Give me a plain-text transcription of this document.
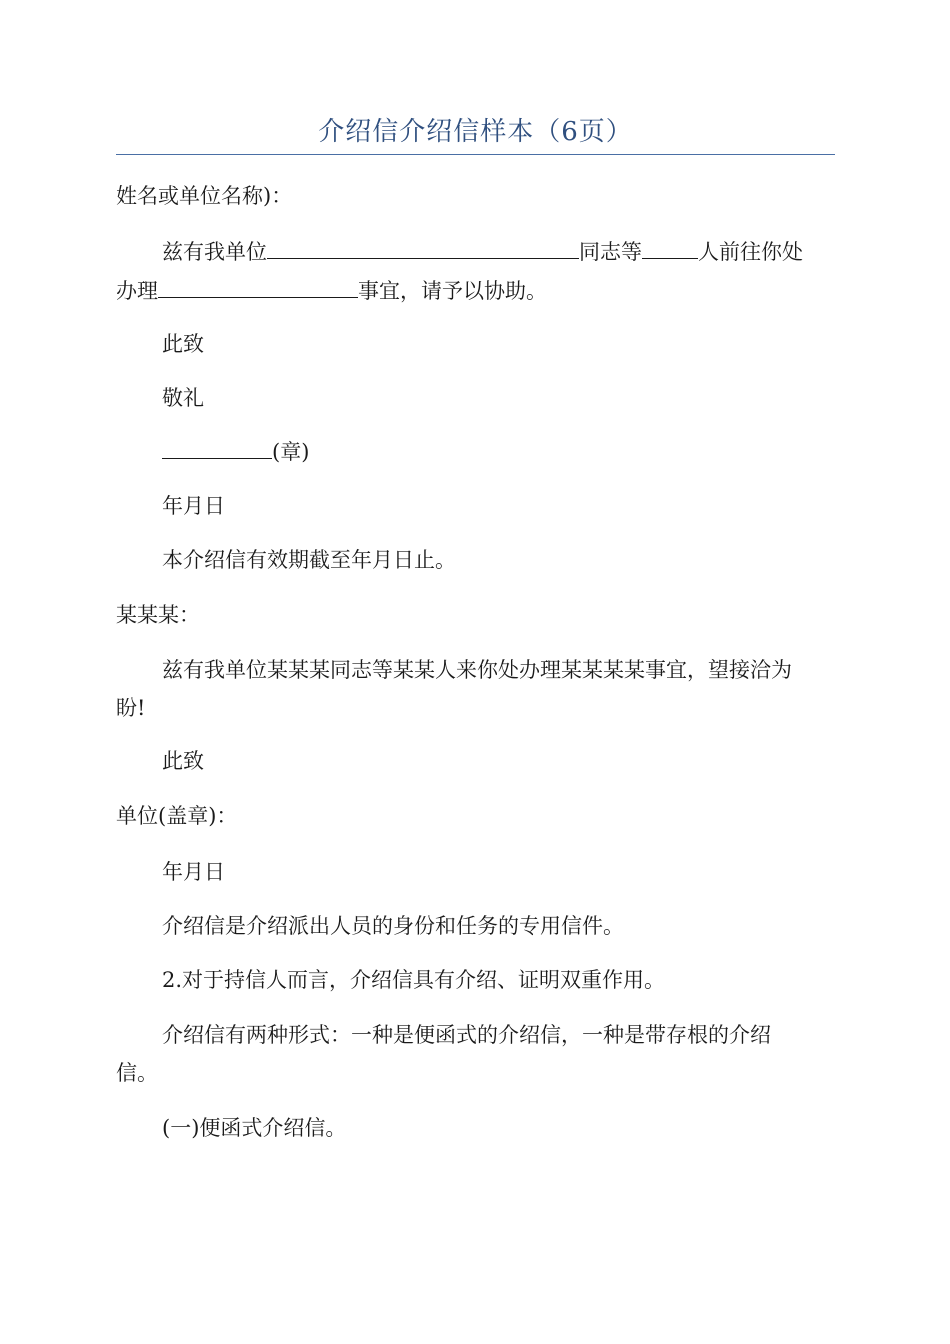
介绍信介绍信样本（6页）
姓名或单位名称)：
兹有我单位	同志等	人前往你处
办理	事宜，请予以协助。
此致
敬礼
(章)
年月日
本介绍信有效期截至年月日止。
某某某：
兹有我单位某某某同志等某某人来你处办理某某某某事宜，望接洽为
盼!
此致
单位(盖章)：
年月日
介绍信是介绍派出人员的身份和任务的专用信件。
2.对于持信人而言，介绍信具有介绍、证明双重作用。
介绍信有两种形式：一种是便函式的介绍信，一种是带存根的介绍
信。
(一)便函式介绍信。
